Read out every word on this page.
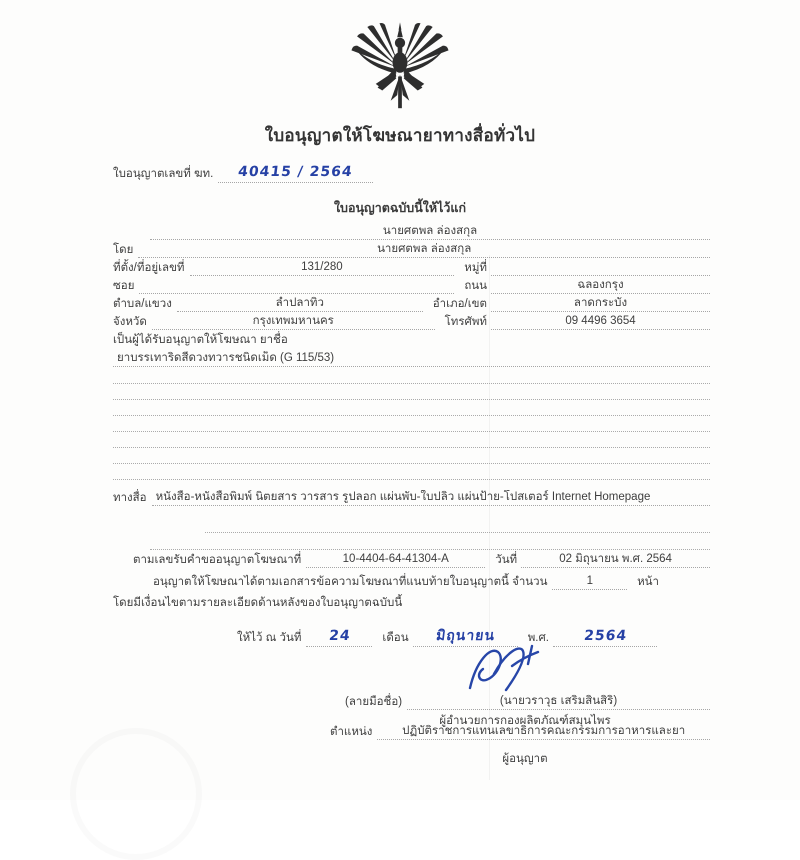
ใบอนุญาตให้โฆษณายาทางสื่อทั่วไป
ใบอนุญาตเลขที่ ฆท.	40415 / 2564
ใบอนุญาตฉบับนี้ให้ไว้แก่
นายศตพล ล่องสกุล
โดย	นายศตพล ล่องสกุล
ที่ตั้ง/ที่อยู่เลขที่	131/280	หมู่ที่
ซอย	ถนน	ฉลองกรุง
ตำบล/แขวง	ลำปลาทิว	อำเภอ/เขต	ลาดกระบัง
จังหวัด	กรุงเทพมหานคร	โทรศัพท์	09 4496 3654
เป็นผู้ได้รับอนุญาตให้โฆษณา ยาชื่อ
ยาบรรเทาริดสีดวงทวารชนิดเม็ด (G 115/53)
ทางสื่อ หนังสือ-หนังสือพิมพ์ นิตยสาร วารสาร รูปลอก แผ่นพับ-ใบปลิว แผ่นป้าย-โปสเตอร์ Internet Homepage
ตามเลขรับคำขออนุญาตโฆษณาที่	10-4404-64-41304-A	วันที่	02 มิถุนายน พ.ศ. 2564
อนุญาตให้โฆษณาได้ตามเอกสารข้อความโฆษณาที่แนบท้ายใบอนุญาตนี้ จำนวน	1	หน้า
โดยมีเงื่อนไขตามรายละเอียดด้านหลังของใบอนุญาตฉบับนี้
ให้ไว้ ณ วันที่	24	เดือน	มิถุนายน	พ.ศ.	2564
(ลายมือชื่อ)	(นายวราวุธ เสริมสินสิริ)
ผู้อำนวยการกองผลิตภัณฑ์สมุนไพร
ตำแหน่ง	ปฏิบัติราชการแทนเลขาธิการคณะกรรมการอาหารและยา
ผู้อนุญาต
